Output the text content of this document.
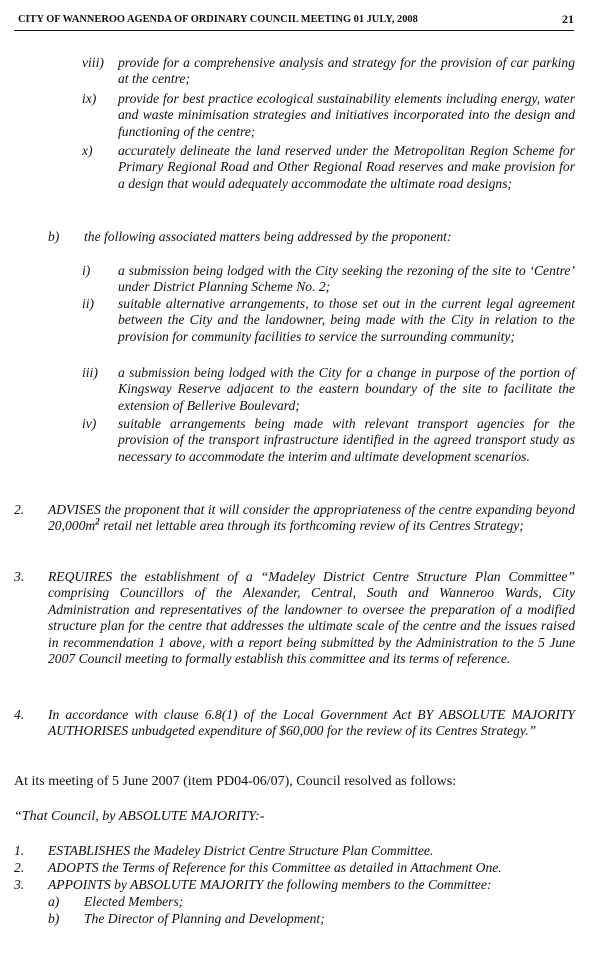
CITY OF WANNEROO AGENDA OF ORDINARY COUNCIL MEETING 01 JULY, 2008	21
viii) provide for a comprehensive analysis and strategy for the provision of car parking at the centre;
ix) provide for best practice ecological sustainability elements including energy, water and waste minimisation strategies and initiatives incorporated into the design and functioning of the centre;
x) accurately delineate the land reserved under the Metropolitan Region Scheme for Primary Regional Road and Other Regional Road reserves and make provision for a design that would adequately accommodate the ultimate road designs;
b) the following associated matters being addressed by the proponent:
i) a submission being lodged with the City seeking the rezoning of the site to ‘Centre’ under District Planning Scheme No. 2;
ii) suitable alternative arrangements, to those set out in the current legal agreement between the City and the landowner, being made with the City in relation to the provision for community facilities to service the surrounding community;
iii) a submission being lodged with the City for a change in purpose of the portion of Kingsway Reserve adjacent to the eastern boundary of the site to facilitate the extension of Bellerive Boulevard;
iv) suitable arrangements being made with relevant transport agencies for the provision of the transport infrastructure identified in the agreed transport study as necessary to accommodate the interim and ultimate development scenarios.
2. ADVISES the proponent that it will consider the appropriateness of the centre expanding beyond $20,000m^2$ retail net lettable area through its forthcoming review of its Centres Strategy;
3. REQUIRES the establishment of a “Madeley District Centre Structure Plan Committee” comprising Councillors of the Alexander, Central, South and Wanneroo Wards, City Administration and representatives of the landowner to oversee the preparation of a modified structure plan for the centre that addresses the ultimate scale of the centre and the issues raised in recommendation 1 above, with a report being submitted by the Administration to the 5 June 2007 Council meeting to formally establish this committee and its terms of reference.
4. In accordance with clause 6.8(1) of the Local Government Act BY ABSOLUTE MAJORITY AUTHORISES unbudgeted expenditure of $60,000 for the review of its Centres Strategy.”
At its meeting of 5 June 2007 (item PD04-06/07), Council resolved as follows:
“That Council, by ABSOLUTE MAJORITY:-
1. ESTABLISHES the Madeley District Centre Structure Plan Committee.
2. ADOPTS the Terms of Reference for this Committee as detailed in Attachment One.
3. APPOINTS by ABSOLUTE MAJORITY the following members to the Committee:
a) Elected Members;
b) The Director of Planning and Development;
